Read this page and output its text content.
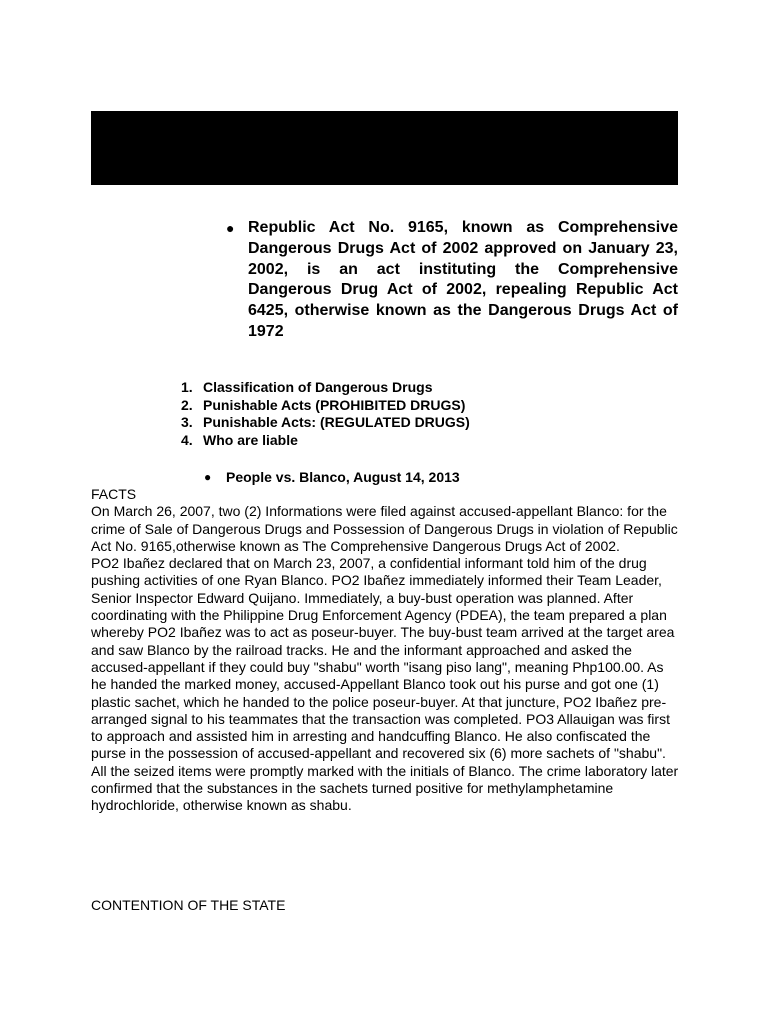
● Republic Act No. 9165, known as Comprehensive Dangerous Drugs Act of 2002 approved on January 23, 2002, is an act instituting the Comprehensive Dangerous Drug Act of 2002, repealing Republic Act 6425, otherwise known as the Dangerous Drugs Act of 1972
1. Classification of Dangerous Drugs
2. Punishable Acts (PROHIBITED DRUGS)
3. Punishable Acts: (REGULATED DRUGS)
4. Who are liable
●	People vs. Blanco, August 14, 2013

FACTS

On March 26, 2007, two (2) Informations were filed against accused-appellant Blanco: for the crime of Sale of Dangerous Drugs and Possession of Dangerous Drugs in violation of Republic Act No. 9165,otherwise known as The Comprehensive Dangerous Drugs Act of 2002.

PO2 Ibañez declared that on March 23, 2007, a confidential informant told him of the drug pushing activities of one Ryan Blanco. PO2 Ibañez immediately informed their Team Leader, Senior Inspector Edward Quijano. Immediately, a buy-bust operation was planned. After coordinating with the Philippine Drug Enforcement Agency (PDEA), the team prepared a plan whereby PO2 Ibañez was to act as poseur-buyer. The buy-bust team arrived at the target area and saw Blanco by the railroad tracks. He and the informant approached and asked the accused-appellant if they could buy "shabu" worth "isang piso lang", meaning Php100.00. As he handed the marked money, accused-Appellant Blanco took out his purse and got one (1) plastic sachet, which he handed to the police poseur-buyer. At that juncture, PO2 Ibañez pre-arranged signal to his teammates that the transaction was completed. PO3 Allauigan was first to approach and assisted him in arresting and handcuffing Blanco. He also confiscated the purse in the possession of accused-appellant and recovered six (6) more sachets of "shabu". All the seized items were promptly marked with the initials of Blanco. The crime laboratory later confirmed that the substances in the sachets turned positive for methylamphetamine hydrochloride, otherwise known as shabu.

CONTENTION OF THE STATE
